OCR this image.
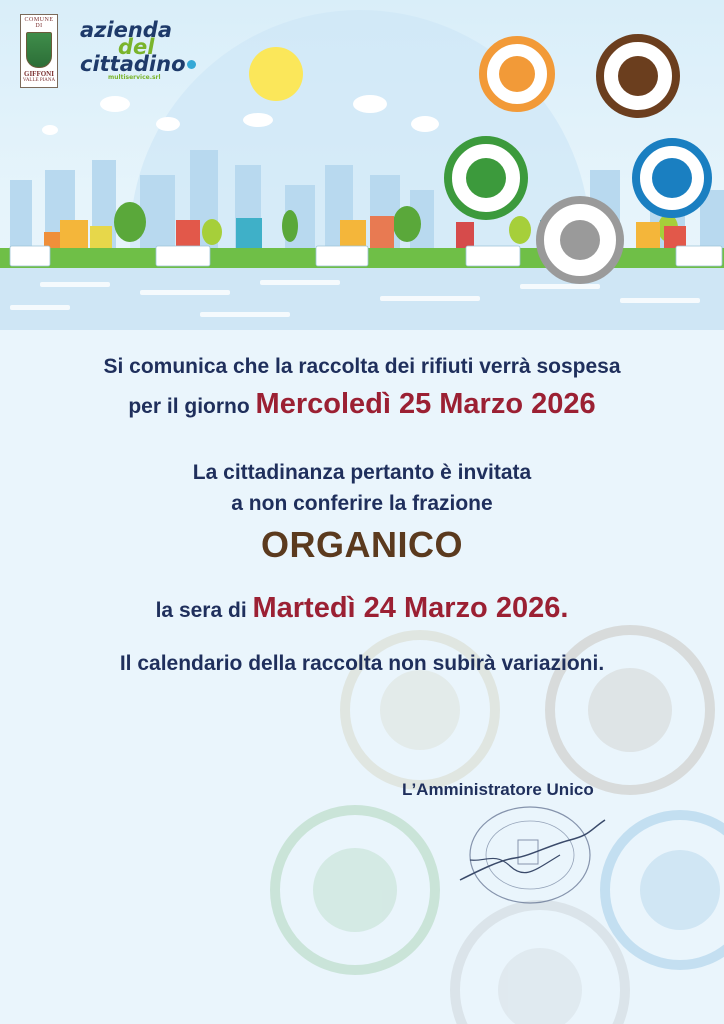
COMUNE DI
GIFFONI
VALLE PIANA
azienda
del
cittadino
multiservice.srl
Si comunica che la raccolta dei rifiuti verrà sospesa
per il giorno Mercoledì 25 Marzo 2026
La cittadinanza pertanto è invitata
a non conferire la frazione
ORGANICO
la sera di Martedì 24 Marzo 2026.
Il calendario della raccolta non subirà variazioni.
L’Amministratore Unico
